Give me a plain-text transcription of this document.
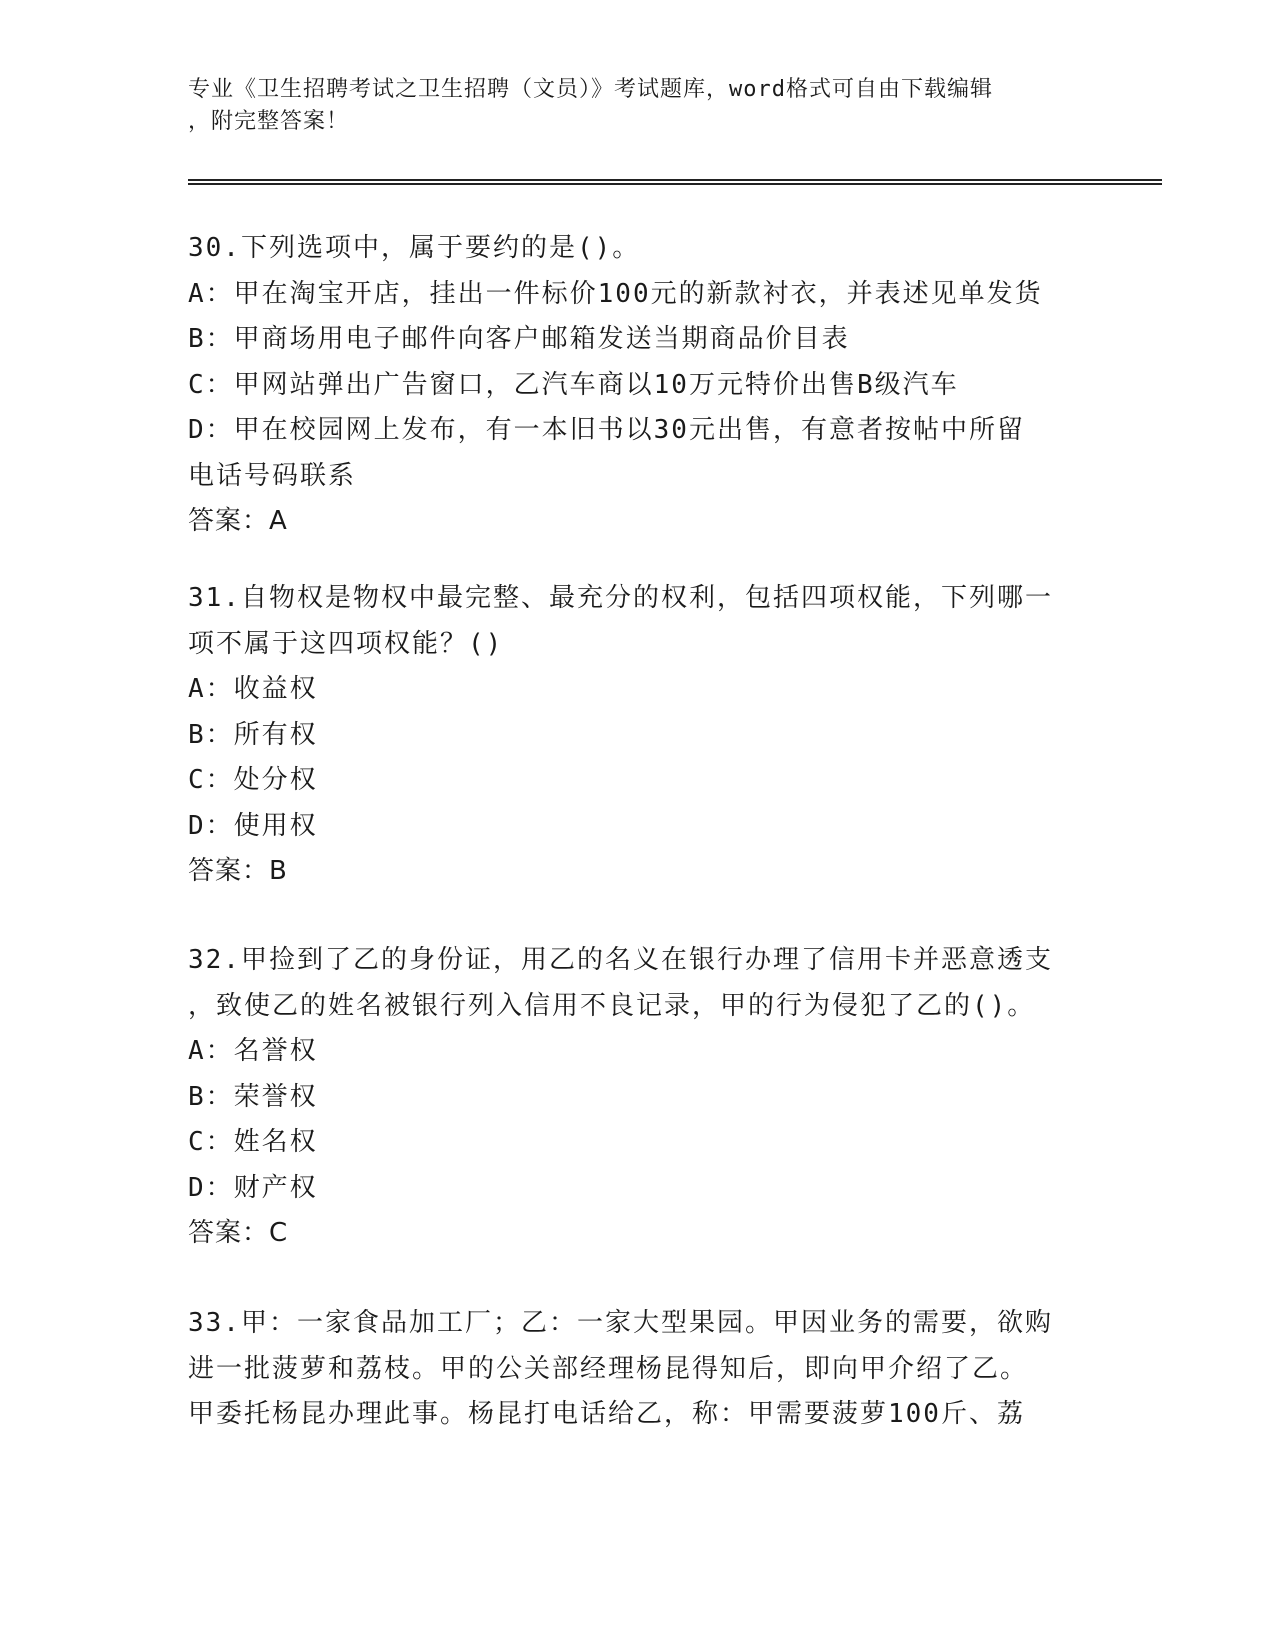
专业《卫生招聘考试之卫生招聘（文员）》考试题库，word格式可自由下载编辑
，附完整答案！

30.下列选项中，属于要约的是()。

A：甲在淘宝开店，挂出一件标价100元的新款衬衣，并表述见单发货

B：甲商场用电子邮件向客户邮箱发送当期商品价目表

C：甲网站弹出广告窗口，乙汽车商以10万元特价出售B级汽车

D：甲在校园网上发布，有一本旧书以30元出售，有意者按帖中所留

电话号码联系

答案：A

31.自物权是物权中最完整、最充分的权利，包括四项权能，下列哪一

项不属于这四项权能？()

A：收益权

B：所有权

C：处分权

D：使用权

答案：B

32.甲捡到了乙的身份证，用乙的名义在银行办理了信用卡并恶意透支

，致使乙的姓名被银行列入信用不良记录，甲的行为侵犯了乙的()。

A：名誉权

B：荣誉权

C：姓名权

D：财产权

答案：C

33.甲：一家食品加工厂；乙：一家大型果园。甲因业务的需要，欲购

进一批菠萝和荔枝。甲的公关部经理杨昆得知后，即向甲介绍了乙。

甲委托杨昆办理此事。杨昆打电话给乙，称：甲需要菠萝100斤、荔
